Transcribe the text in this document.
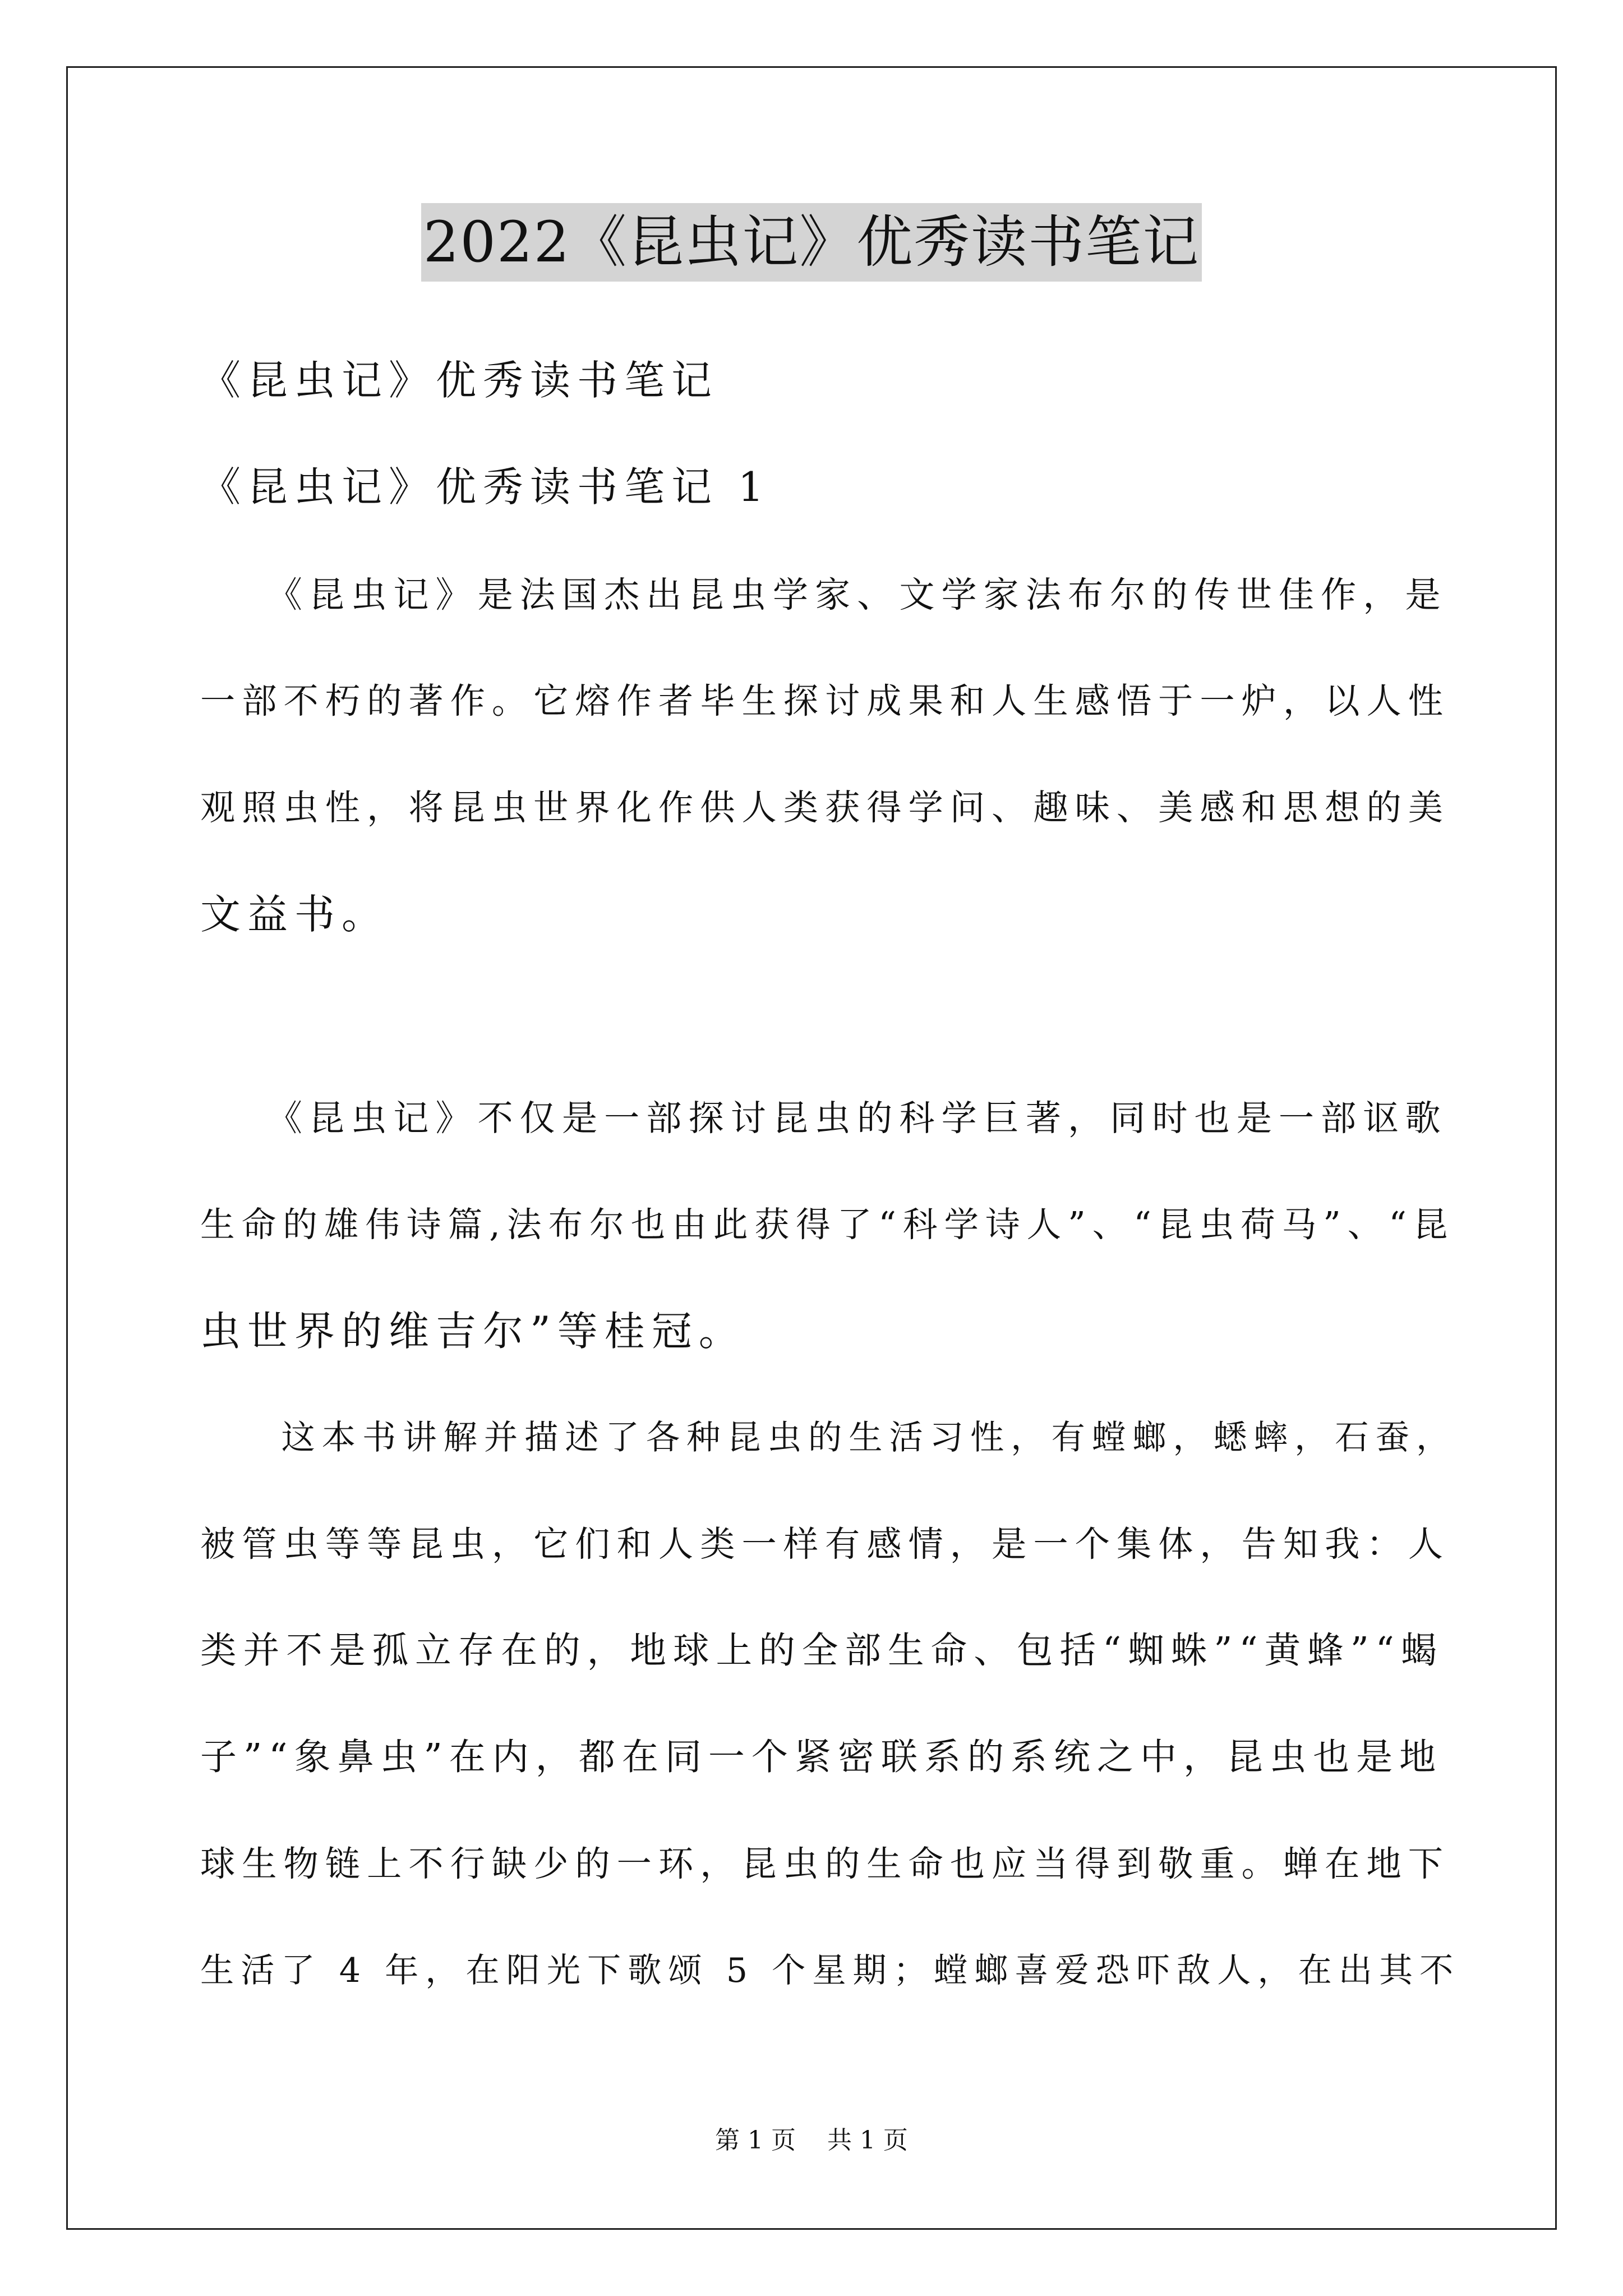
2022《昆虫记》优秀读书笔记
《昆虫记》优秀读书笔记
《昆虫记》优秀读书笔记 1
　　《昆虫记》是法国杰出昆虫学家、文学家法布尔的传世佳作，是
一部不朽的著作。它熔作者毕生探讨成果和人生感悟于一炉，以人性
观照虫性，将昆虫世界化作供人类获得学问、趣味、美感和思想的美
文益书。
　　《昆虫记》不仅是一部探讨昆虫的科学巨著，同时也是一部讴歌
生命的雄伟诗篇,法布尔也由此获得了“科学诗人”、“昆虫荷马”、“昆
虫世界的维吉尔”等桂冠。
　　这本书讲解并描述了各种昆虫的生活习性，有螳螂，蟋蟀，石蚕，
被管虫等等昆虫，它们和人类一样有感情，是一个集体，告知我：人
类并不是孤立存在的，地球上的全部生命、包括“蜘蛛”“黄蜂”“蝎
子”“象鼻虫”在内，都在同一个紧密联系的系统之中，昆虫也是地
球生物链上不行缺少的一环，昆虫的生命也应当得到敬重。蝉在地下
生活了 4 年，在阳光下歌颂 5 个星期；螳螂喜爱恐吓敌人，在出其不
第 1 页    共 1 页
